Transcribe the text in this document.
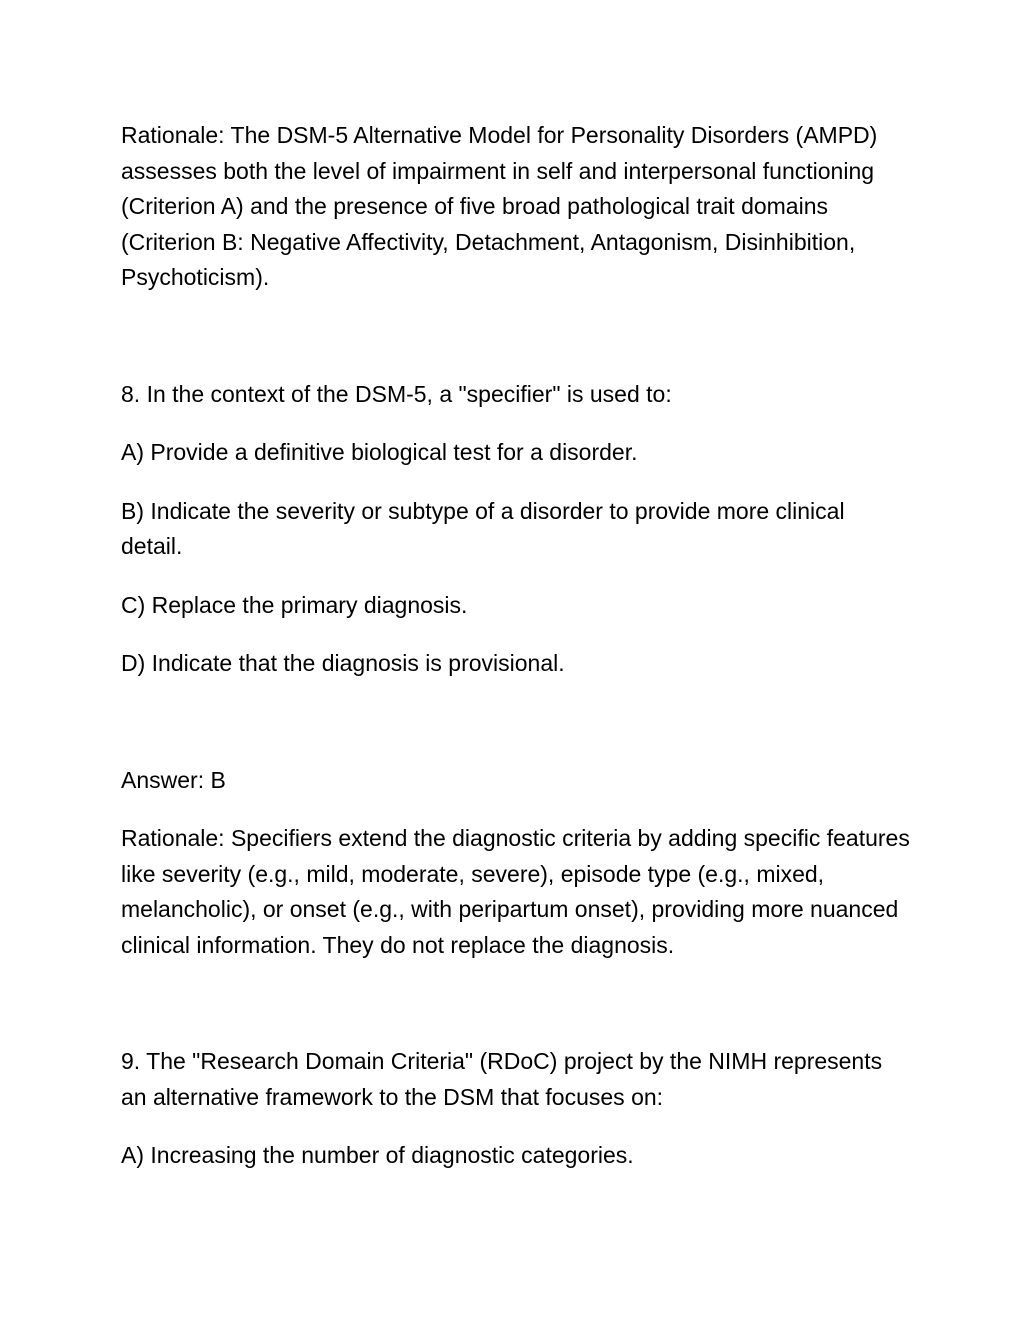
Rationale: The DSM-5 Alternative Model for Personality Disorders (AMPD) assesses both the level of impairment in self and interpersonal functioning (Criterion A) and the presence of five broad pathological trait domains (Criterion B: Negative Affectivity, Detachment, Antagonism, Disinhibition, Psychoticism).

8. In the context of the DSM-5, a "specifier" is used to:

A) Provide a definitive biological test for a disorder.

B) Indicate the severity or subtype of a disorder to provide more clinical detail.

C) Replace the primary diagnosis.

D) Indicate that the diagnosis is provisional.

Answer: B

Rationale: Specifiers extend the diagnostic criteria by adding specific features like severity (e.g., mild, moderate, severe), episode type (e.g., mixed, melancholic), or onset (e.g., with peripartum onset), providing more nuanced clinical information. They do not replace the diagnosis.

9. The "Research Domain Criteria" (RDoC) project by the NIMH represents an alternative framework to the DSM that focuses on:

A) Increasing the number of diagnostic categories.
